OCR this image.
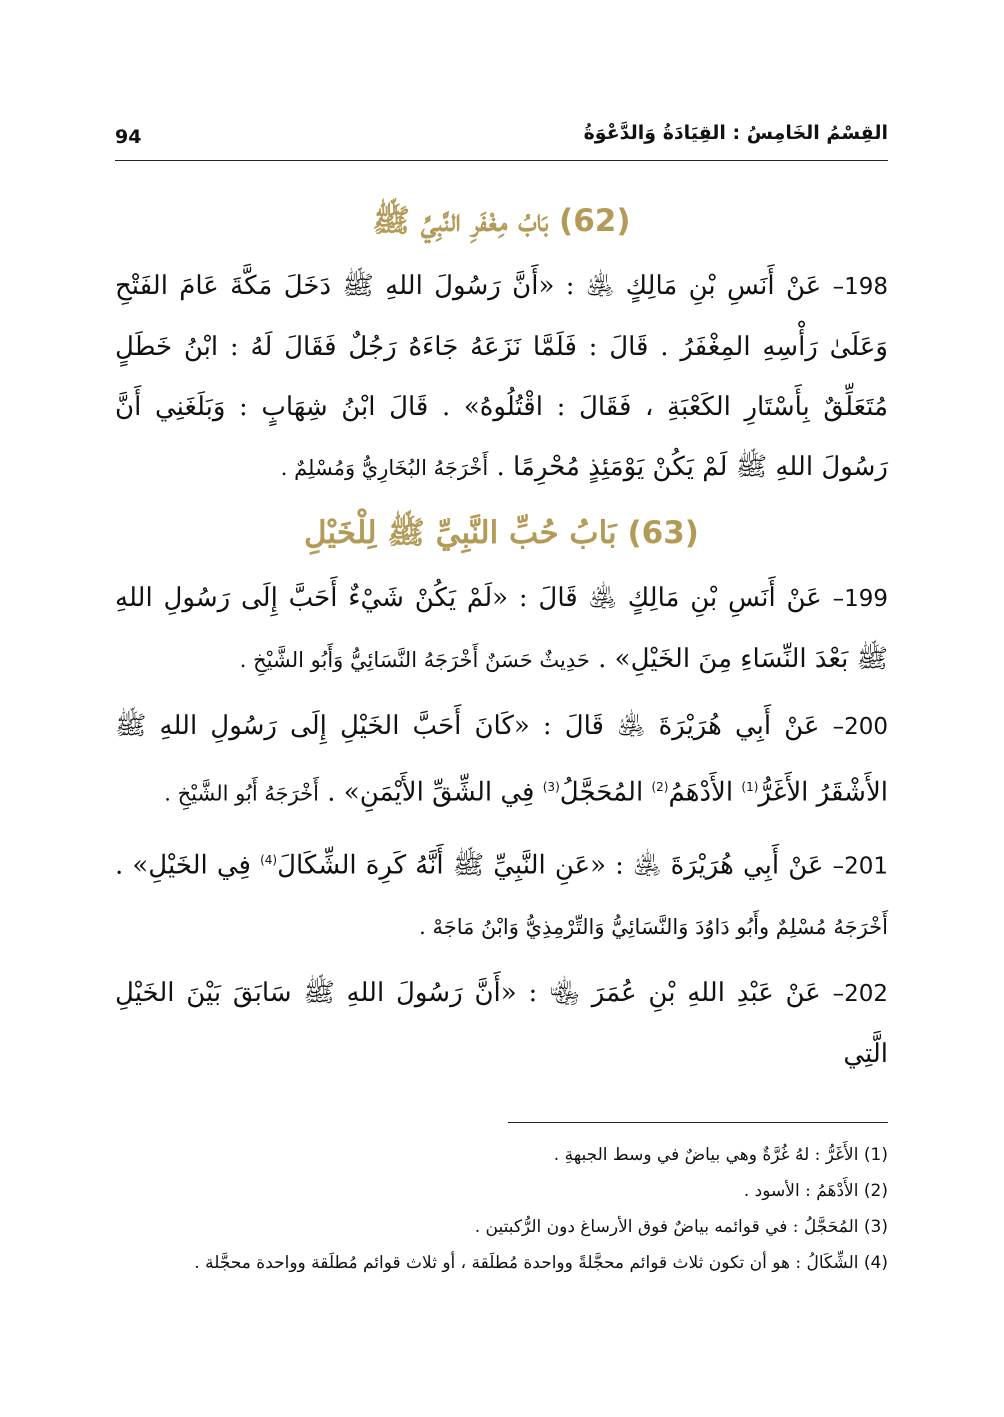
القِسْمُ الخَامِسُ : القِيَادَةُ وَالدَّعْوَةُ
94
(62) بَابُ مِغْفَرِ النَّبِيِّ ﷺ

198– عَنْ أَنَسِ بْنِ مَالِكٍ ﵁ : «أَنَّ رَسُولَ اللهِ ﷺ دَخَلَ مَكَّةَ عَامَ الفَتْحِ وَعَلَىٰ رَأْسِهِ المِغْفَرُ . قَالَ : فَلَمَّا نَزَعَهُ جَاءَهُ رَجُلٌ فَقَالَ لَهُ : ابْنُ خَطَلٍ مُتَعَلِّقٌ بِأَسْتَارِ الكَعْبَةِ ، فَقَالَ : اقْتُلُوهُ» . قَالَ ابْنُ شِهَابٍ : وَبَلَغَنِي أَنَّ رَسُولَ اللهِ ﷺ لَمْ يَكُنْ يَوْمَئِذٍ مُحْرِمًا . أَخْرَجَهُ البُخَارِيُّ وَمُسْلِمٌ .

(63) بَابُ حُبِّ النَّبِيِّ ﷺ لِلْخَيْلِ

199– عَنْ أَنَسِ بْنِ مَالِكٍ ﵁ قَالَ : «لَمْ يَكُنْ شَيْءٌ أَحَبَّ إِلَى رَسُولِ اللهِ ﷺ بَعْدَ النِّسَاءِ مِنَ الخَيْلِ» . حَدِيثٌ حَسَنٌ أَخْرَجَهُ النَّسَائِيُّ وَأَبُو الشَّيْخِ .

200– عَنْ أَبِي هُرَيْرَةَ ﵁ قَالَ : «كَانَ أَحَبَّ الخَيْلِ إِلَى رَسُولِ اللهِ ﷺ الأَشْقَرُ الأَغَرُّ$^{(1)}$ الأَدْهَمُ$^{(2)}$ المُحَجَّلُ$^{(3)}$ فِي الشِّقِّ الأَيْمَنِ» . أَخْرَجَهُ أَبُو الشَّيْخِ .

201– عَنْ أَبِي هُرَيْرَةَ ﵁ : «عَنِ النَّبِيِّ ﷺ أَنَّهُ كَرِهَ الشِّكَالَ$^{(4)}$ فِي الخَيْلِ» . أَخْرَجَهُ مُسْلِمٌ وأَبُو دَاوُدَ وَالنَّسَائِيُّ وَالتِّرْمِذِيُّ وَابْنُ مَاجَهْ .

202– عَنْ عَبْدِ اللهِ بْنِ عُمَرَ ﵄ : «أَنَّ رَسُولَ اللهِ ﷺ سَابَقَ بَيْنَ الخَيْلِ الَّتِي

(1) الأَغَرُّ : لهُ غُرَّةٌ وهي بياضٌ في وسط الجبهةِ .

(2) الأَدْهَمُ : الأسود .

(3) المُحَجَّلُ : في قوائمه بياضٌ فوق الأرساغ دون الرُّكبتين .

(4) الشِّكَالُ : هو أن تكون ثلاث قوائم محجَّلةً وواحدة مُطلَقة ، أو ثلاث قوائم مُطلَقة وواحدة محجَّلة .
